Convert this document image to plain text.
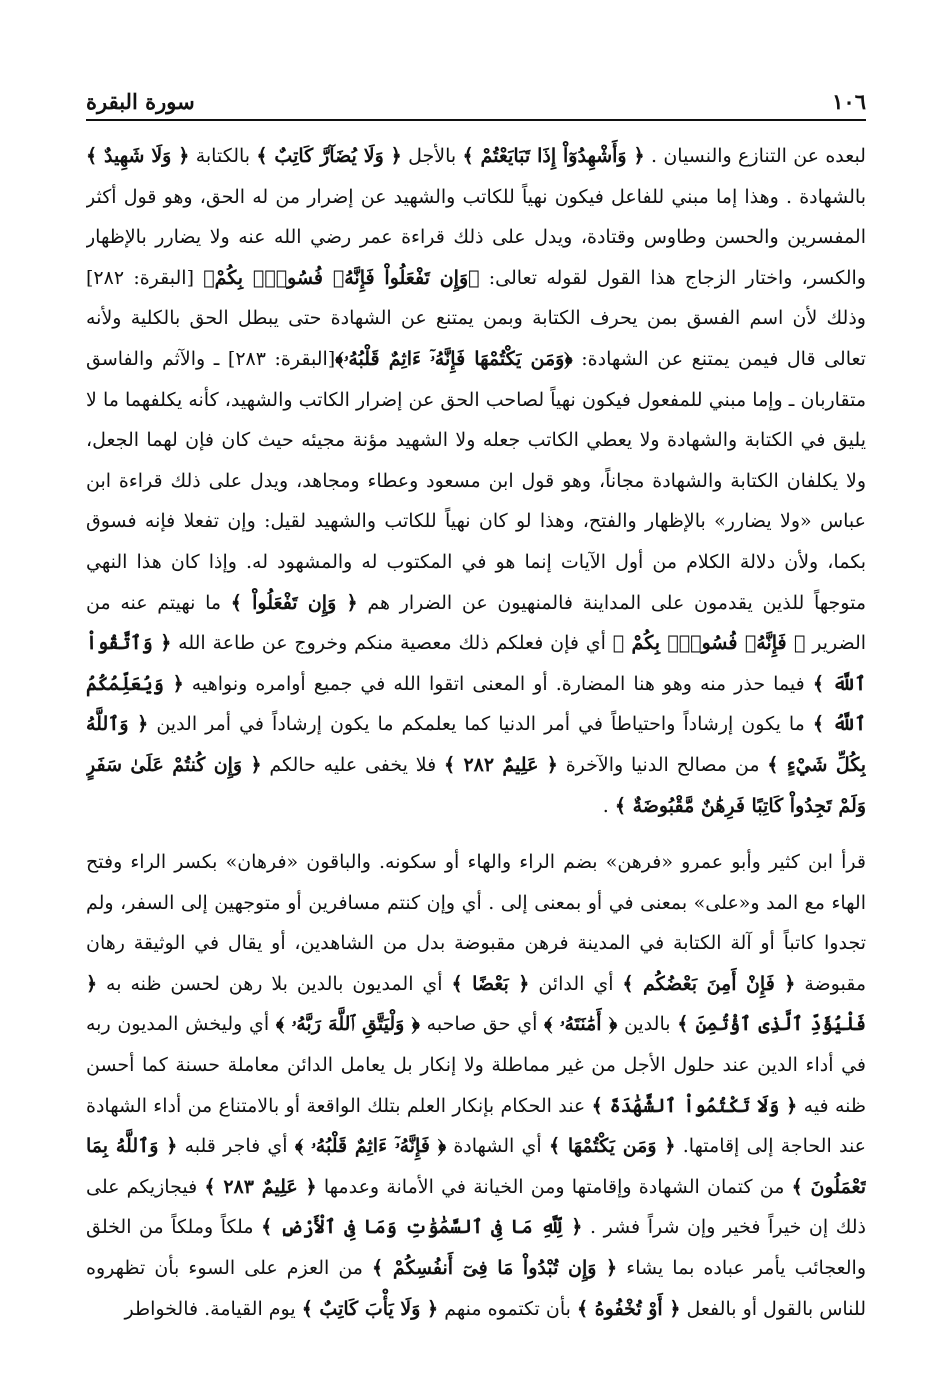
سورة البقرة	١٠٦

لبعده عن التنازع والنسيان . ﴿ وَأَشْهِدُوٓاْ إِذَا تَبَايَعْتُمْ ﴾ بالأجل ﴿ وَلَا يُضَآرَّ كَاتِبٌ ﴾ بالكتابة ﴿ وَلَا شَهِيدٌ ﴾ بالشهادة . وهذا إما مبني للفاعل فيكون نهياً للكاتب والشهيد عن إضرار من له الحق، وهو قول أكثر المفسرين والحسن وطاوس وقتادة، ويدل على ذلك قراءة عمر رضي الله عنه ولا يضارر بالإظهار والكسر، واختار الزجاج هذا القول لقوله تعالى: ﴿وَإِن تَفْعَلُواْ فَإِنَّهُۥ فُسُوقٌۢ بِكُمْ﴾ [البقرة: ٢٨٢] وذلك لأن اسم الفسق بمن يحرف الكتابة وبمن يمتنع عن الشهادة حتى يبطل الحق بالكلية ولأنه تعالى قال فيمن يمتنع عن الشهادة: ﴿وَمَن يَكْتُمْهَا فَإِنَّهُۥٓ ءَاثِمٌ قَلْبُهُۥ﴾[البقرة: ٢٨٣] ـ والآثم والفاسق متقاربان ـ وإما مبني للمفعول فيكون نهياً لصاحب الحق عن إضرار الكاتب والشهيد، كأنه يكلفهما ما لا يليق في الكتابة والشهادة ولا يعطي الكاتب جعله ولا الشهيد مؤنة مجيئه حيث كان فإن لهما الجعل، ولا يكلفان الكتابة والشهادة مجاناً، وهو قول ابن مسعود وعطاء ومجاهد، ويدل على ذلك قراءة ابن عباس «ولا يضارر» بالإظهار والفتح، وهذا لو كان نهياً للكاتب والشهيد لقيل: وإن تفعلا فإنه فسوق بكما، ولأن دلالة الكلام من أول الآيات إنما هو في المكتوب له والمشهود له. وإذا كان هذا النهي متوجهاً للذين يقدمون على المداينة فالمنهيون عن الضرار هم ﴿ وَإِن تَفْعَلُواْ ﴾ ما نهيتم عنه من الضرير ﴿ فَإِنَّهُۥ فُسُوقٌۢ بِكُمْ ﴾ أي فإن فعلكم ذلك معصية منكم وخروج عن طاعة الله ﴿ وَٱتَّقُواْ ٱللَّهَ ﴾ فيما حذر منه وهو هنا المضارة. أو المعنى اتقوا الله في جميع أوامره ونواهيه ﴿ وَيُعَلِّمُكُمُ ٱللَّهُ ﴾ ما يكون إرشاداً واحتياطاً في أمر الدنيا كما يعلمكم ما يكون إرشاداً في أمر الدين ﴿ وَٱللَّهُ بِكُلِّ شَيْءٍ ﴾ من مصالح الدنيا والآخرة ﴿ عَلِيمٌ ٢٨٢ ﴾ فلا يخفى عليه حالكم ﴿ وَإِن كُنتُمْ عَلَىٰ سَفَرٍ وَلَمْ تَجِدُواْ كَاتِبًا فَرِهَٰنٌ مَّقْبُوضَةٌ ﴾ .

قرأ ابن كثير وأبو عمرو «فرهن» بضم الراء والهاء أو سكونه. والباقون «فرهان» بكسر الراء وفتح الهاء مع المد و«على» بمعنى في أو بمعنى إلى . أي وإن كنتم مسافرين أو متوجهين إلى السفر، ولم تجدوا كاتباً أو آلة الكتابة في المدينة فرهن مقبوضة بدل من الشاهدين، أو يقال في الوثيقة رهان مقبوضة ﴿ فَإِنْ أَمِنَ بَعْضُكُم ﴾ أي الدائن ﴿ بَعْضًا ﴾ أي المديون بالدين بلا رهن لحسن ظنه به ﴿ فَلْيُؤَدِّ ٱلَّذِى ٱؤْتُمِنَ ﴾ بالدين ﴿ أَمَٰنَتَهُۥ ﴾ أي حق صاحبه ﴿ وَلْيَتَّقِ ٱللَّهَ رَبَّهُۥ ﴾ أي وليخش المديون ربه في أداء الدين عند حلول الأجل من غير مماطلة ولا إنكار بل يعامل الدائن معاملة حسنة كما أحسن ظنه فيه ﴿ وَلَا تَكْتُمُواْ ٱلشَّهَٰدَةَ ﴾ عند الحكام بإنكار العلم بتلك الواقعة أو بالامتناع من أداء الشهادة عند الحاجة إلى إقامتها. ﴿ وَمَن يَكْتُمْهَا ﴾ أي الشهادة ﴿ فَإِنَّهُۥٓ ءَاثِمٌ قَلْبُهُۥ ﴾ أي فاجر قلبه ﴿ وَٱللَّهُ بِمَا تَعْمَلُونَ ﴾ من كتمان الشهادة وإقامتها ومن الخيانة في الأمانة وعدمها ﴿ عَلِيمٌ ٢٨٣ ﴾ فيجازيكم على ذلك إن خيراً فخير وإن شراً فشر . ﴿ لِّلَّهِ مَا فِى ٱلسَّمَٰوَٰتِ وَمَا فِى ٱلْأَرْضِ ﴾ ملكاً وملكاً من الخلق والعجائب يأمر عباده بما يشاء ﴿ وَإِن تُبْدُواْ مَا فِىٓ أَنفُسِكُمْ ﴾ من العزم على السوء بأن تظهروه للناس بالقول أو بالفعل ﴿ أَوْ تُخْفُوهُ ﴾ بأن تكتموه منهم ﴿ وَلَا يَأْبَ كَاتِبٌ ﴾ يوم القيامة. فالخواطر
